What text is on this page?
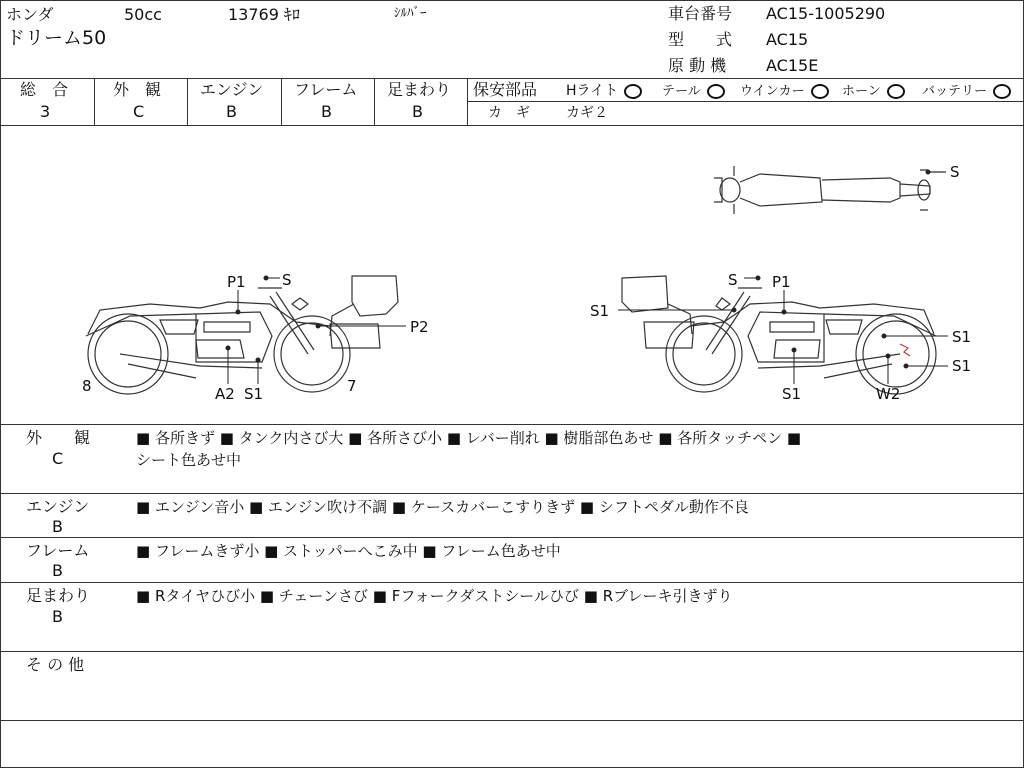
ホンダ	50cc	13769 ｷﾛ	ｼﾙﾊﾞｰ
ドリーム50
車台番号 AC15-1005290
型　　式 AC15
原 動 機 AC15E
総　合
3
外　観
C
エンジン
B
フレーム
B
足まわり
B
保安部品 Hライト	テール	ウインカー	ホーン	バッテリー
カ　ギ	カギ２
P1 S
P2
8	7
A2 S1
S P1
S1
S1
S1
S1	W2
S
外　　観
C
■ 各所きず ■ タンク内さび大 ■ 各所さび小 ■ レバー削れ ■ 樹脂部色あせ ■ 各所タッチペン ■
シート色あせ中
エンジン
B
■ エンジン音小 ■ エンジン吹け不調 ■ ケースカバーこすりきず ■ シフトペダル動作不良
フレーム
B
■ フレームきず小 ■ ストッパーへこみ中 ■ フレーム色あせ中
足まわり
B
■ Rタイヤひび小 ■ チェーンさび ■ Fフォークダストシールひび ■ Rブレーキ引きずり
そ の 他
